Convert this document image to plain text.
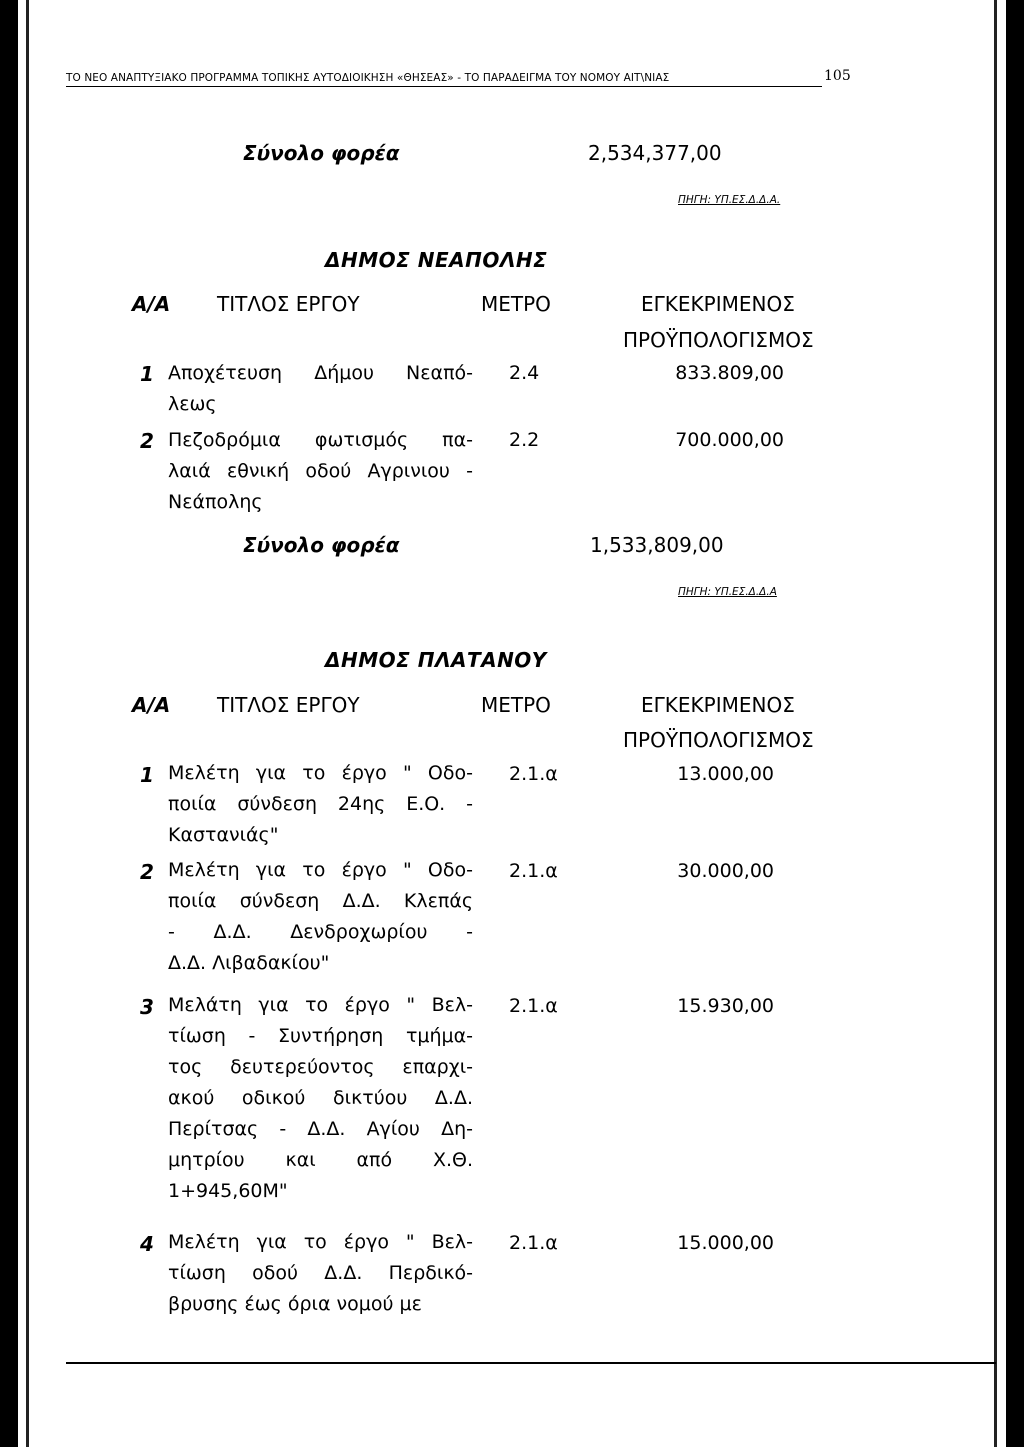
ΤΟ ΝΕΟ ΑΝΑΠΤΥΞΙΑΚΟ ΠΡΟΓΡΑΜΜΑ ΤΟΠΙΚΗΣ ΑΥΤΟΔΙΟΙΚΗΣΗ «ΘΗΣΕΑΣ» - ΤΟ ΠΑΡΑΔΕΙΓΜΑ ΤΟΥ ΝΟΜΟΥ ΑΙΤ\ΝΙΑΣ	105
Σύνολο φορέα	2,534,377,00
ΠΗΓΗ: ΥΠ.ΕΣ.Δ.Δ.Α.
ΔΗΜΟΣ ΝΕΑΠΟΛΗΣ
Α/Α ΤΙΤΛΟΣ ΕΡΓΟΥ	ΜΕΤΡΟ	ΕΓΚΕΚΡΙΜΕΝΟΣ
ΠΡΟΫΠΟΛΟΓΙΣΜΟΣ
1 Αποχέτευση Δήμου Νεαπό-
λεως
2.4	833.809,00
2 Πεζοδρόμια φωτισμός πα-
λαιά εθνική οδού Αγρινιου -
Νεάπολης
2.2	700.000,00
Σύνολο φορέα	1,533,809,00
ΠΗΓΗ: ΥΠ.ΕΣ.Δ.Δ.Α
ΔΗΜΟΣ ΠΛΑΤΑΝΟΥ
Α/Α ΤΙΤΛΟΣ ΕΡΓΟΥ	ΜΕΤΡΟ	ΕΓΚΕΚΡΙΜΕΝΟΣ
ΠΡΟΫΠΟΛΟΓΙΣΜΟΣ
1 Μελέτη για το έργο " Οδο-
ποιία σύνδεση 24ης Ε.Ο. -
Καστανιάς"
2.1.α	13.000,00
2 Μελέτη για το έργο " Οδο-
ποιία σύνδεση Δ.Δ. Κλεπάς
- Δ.Δ. Δενδροχωρίου -
Δ.Δ. Λιβαδακίου"
2.1.α	30.000,00
3 Μελάτη για το έργο " Βελ-
τίωση - Συντήρηση τμήμα-
τος δευτερεύοντος επαρχι-
ακού οδικού δικτύου Δ.Δ.
Περίτσας - Δ.Δ. Αγίου Δη-
μητρίου και από Χ.Θ.
1+945,60Μ"
2.1.α	15.930,00
4 Μελέτη για το έργο " Βελ-
τίωση οδού Δ.Δ. Περδικό-
βρυσης έως όρια νομού με
2.1.α	15.000,00
